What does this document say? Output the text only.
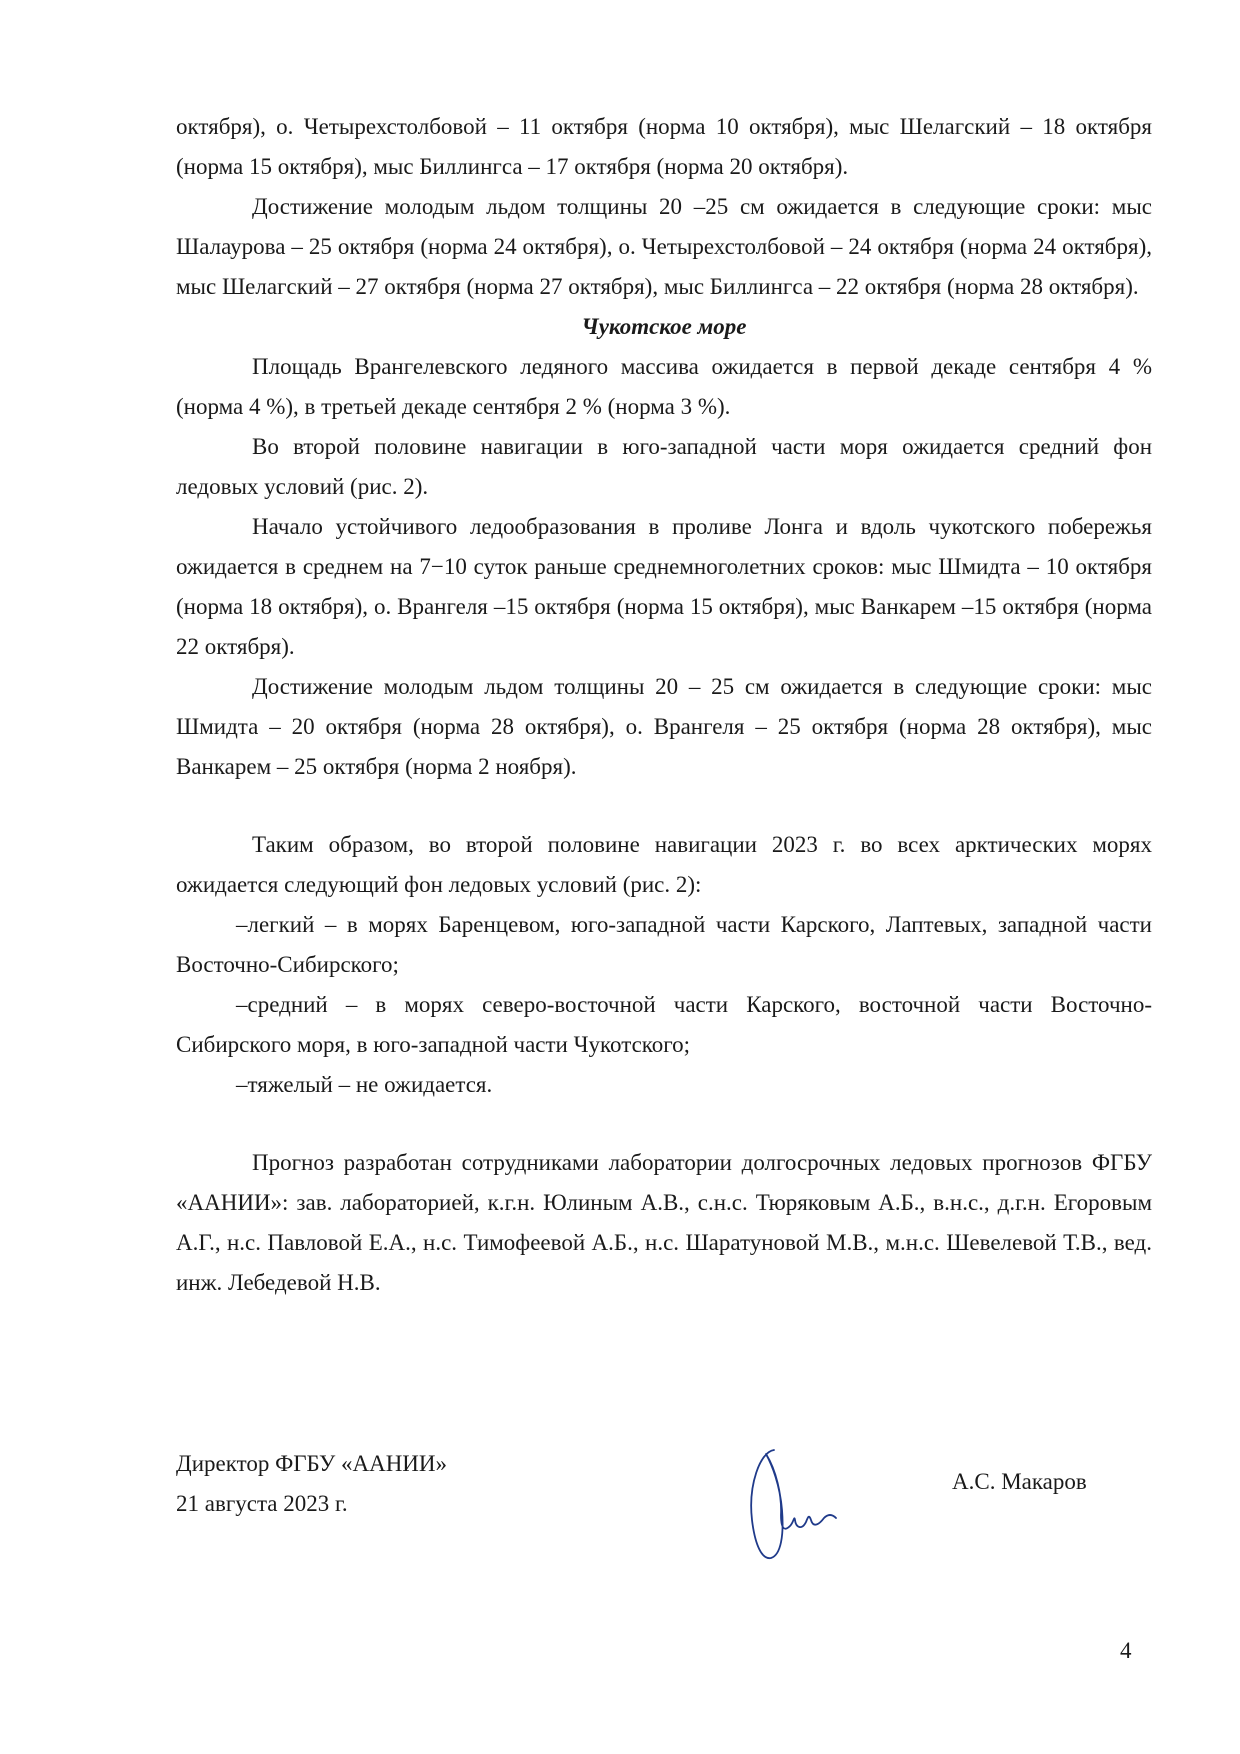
октября), о. Четырехстолбовой – 11 октября (норма 10 октября), мыс Шелагский – 18 октября (норма 15 октября), мыс Биллингса – 17 октября (норма 20 октября).

Достижение молодым льдом толщины 20 –25 см ожидается в следующие сроки: мыс Шалаурова – 25 октября (норма 24 октября), о. Четырехстолбовой – 24 октября (норма 24 октября), мыс Шелагский – 27 октября (норма 27 октября), мыс Биллингса – 22 октября (норма 28 октября).

Чукотское море

Площадь Врангелевского ледяного массива ожидается в первой декаде сентября 4 % (норма 4 %), в третьей декаде сентября 2 % (норма 3 %).

Во второй половине навигации в юго-западной части моря ожидается средний фон ледовых условий (рис. 2).

Начало устойчивого ледообразования в проливе Лонга и вдоль чукотского побережья ожидается в среднем на 7−10 суток раньше среднемноголетних сроков: мыс Шмидта – 10 октября (норма 18 октября), о. Врангеля –15 октября (норма 15 октября), мыс Ванкарем –15 октября (норма 22 октября).

Достижение молодым льдом толщины 20 – 25 см ожидается в следующие сроки: мыс Шмидта – 20 октября (норма 28 октября), о. Врангеля – 25 октября (норма 28 октября), мыс Ванкарем – 25 октября (норма 2 ноября).

Таким образом, во второй половине навигации 2023 г. во всех арктических морях ожидается следующий фон ледовых условий (рис. 2):

–легкий – в морях Баренцевом, юго-западной части Карского, Лаптевых, западной части Восточно-Сибирского;

–средний – в морях северо-восточной части Карского, восточной части Восточно-Сибирского моря, в юго-западной части Чукотского;

–тяжелый – не ожидается.

Прогноз разработан сотрудниками лаборатории долгосрочных ледовых прогнозов ФГБУ «ААНИИ»: зав. лабораторией, к.г.н. Юлиным А.В., с.н.с. Тюряковым А.Б., в.н.с., д.г.н. Егоровым А.Г., н.с. Павловой Е.А., н.с. Тимофеевой А.Б., н.с. Шаратуновой М.В., м.н.с. Шевелевой Т.В., вед. инж. Лебедевой Н.В.

Директор ФГБУ «ААНИИ»
21 августа 2023 г.
А.С. Макаров
4
